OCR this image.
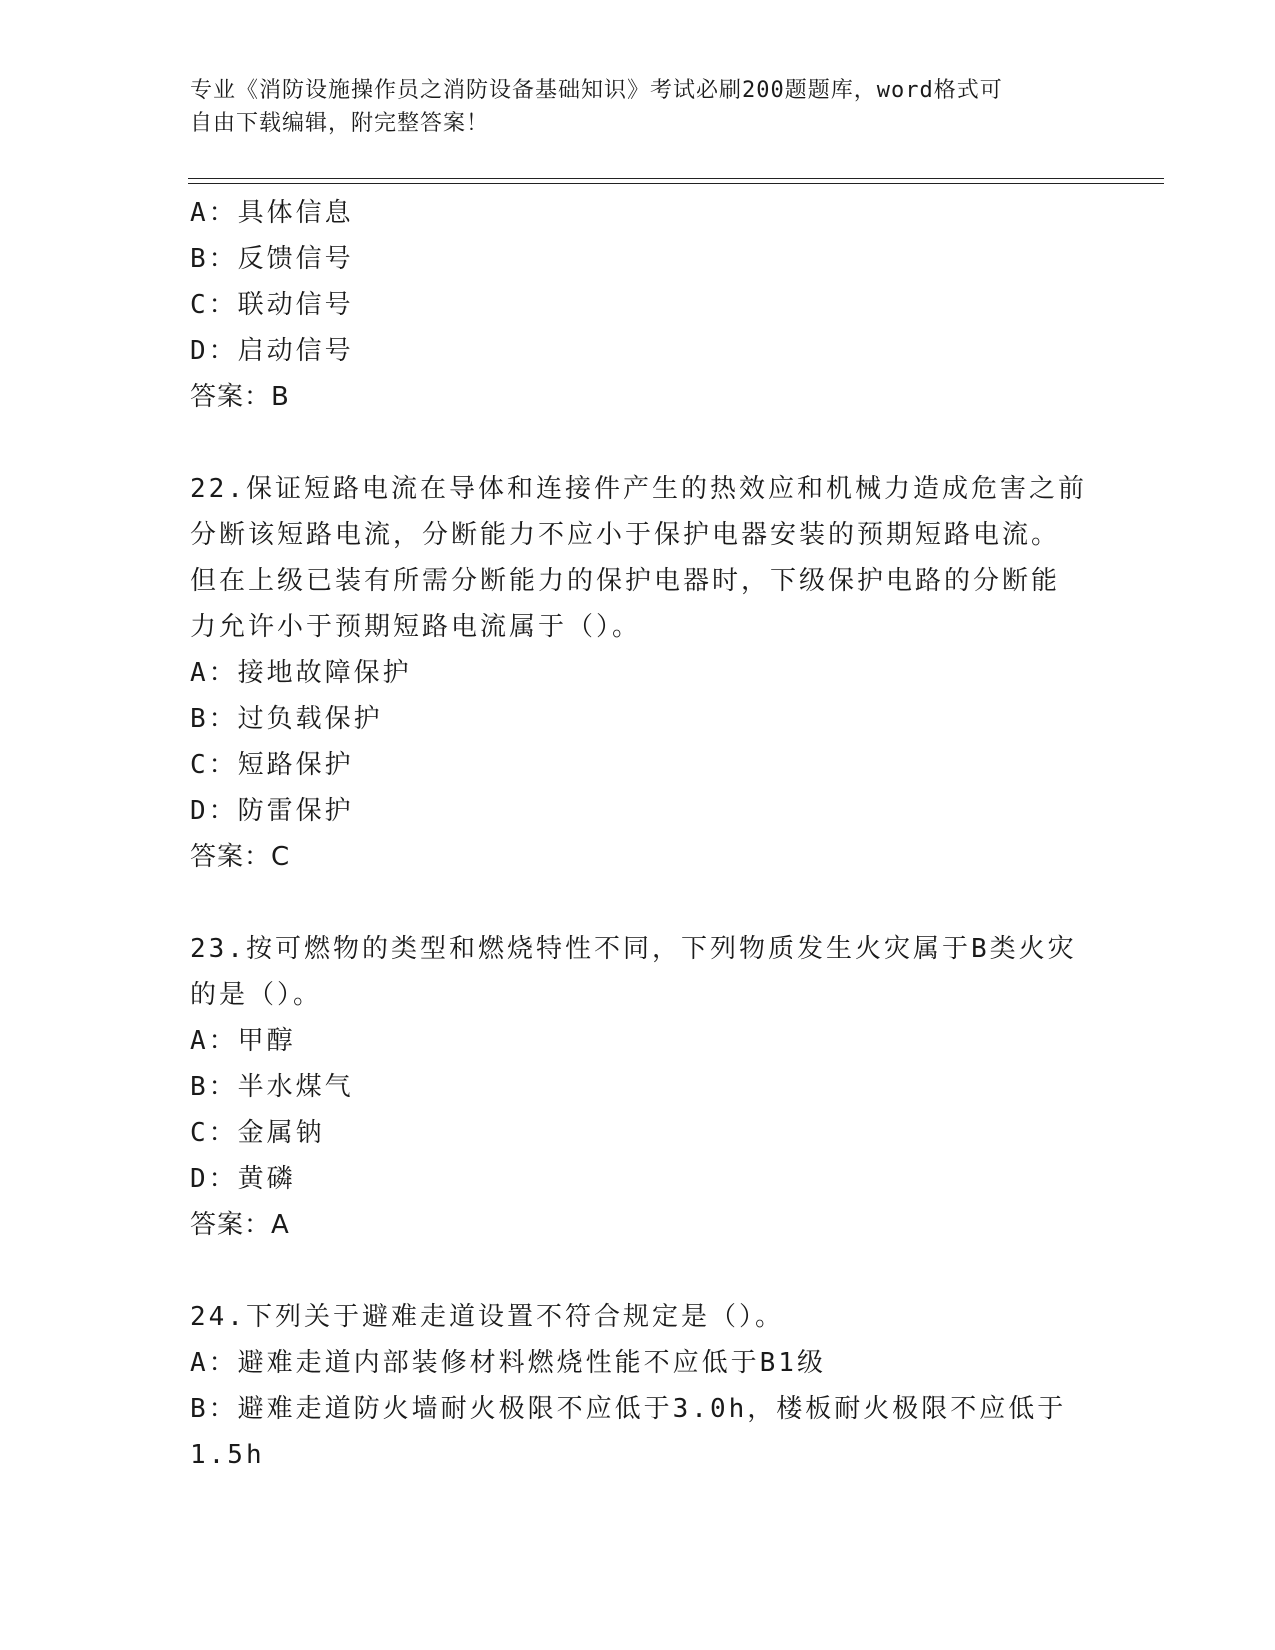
专业《消防设施操作员之消防设备基础知识》考试必刷200题题库，word格式可
自由下载编辑，附完整答案！
A：具体信息
B：反馈信号
C：联动信号
D：启动信号
答案：B
22.保证短路电流在导体和连接件产生的热效应和机械力造成危害之前
分断该短路电流，分断能力不应小于保护电器安装的预期短路电流。
但在上级已装有所需分断能力的保护电器时，下级保护电路的分断能
力允许小于预期短路电流属于（）。
A：接地故障保护
B：过负载保护
C：短路保护
D：防雷保护
答案：C
23.按可燃物的类型和燃烧特性不同，下列物质发生火灾属于B类火灾
的是（）。
A：甲醇
B：半水煤气
C：金属钠
D：黄磷
答案：A
24.下列关于避难走道设置不符合规定是（）。
A：避难走道内部装修材料燃烧性能不应低于B1级
B：避难走道防火墙耐火极限不应低于3.0h，楼板耐火极限不应低于
1.5h
